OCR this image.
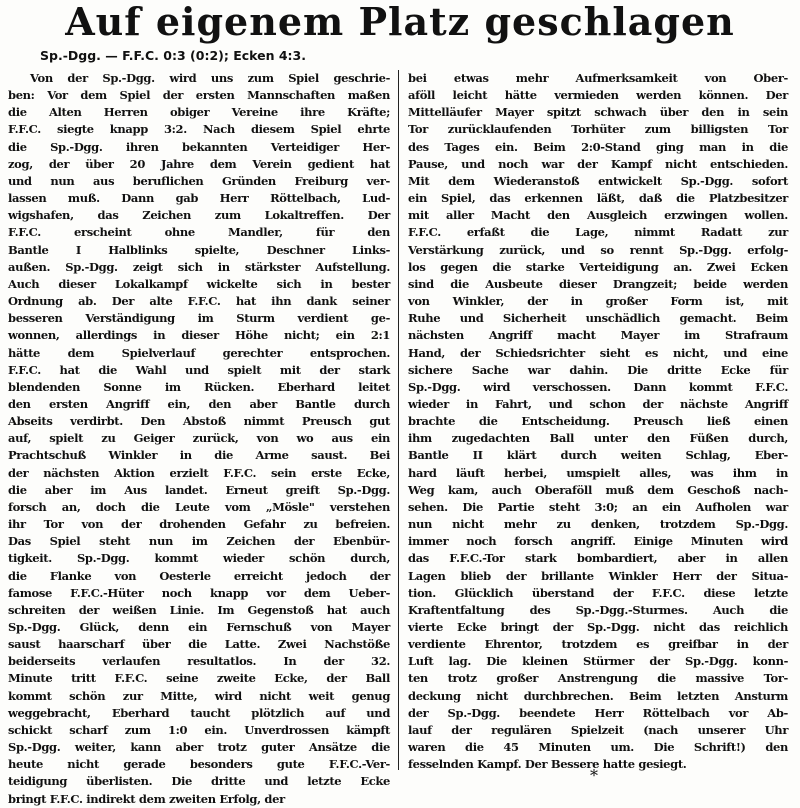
Auf eigenem Platz geschlagen
Sp.-Dgg. — F.F.C. 0:3 (0:2); Ecken 4:3.
Von der Sp.-Dgg. wird uns zum Spiel geschrie-
ben: Vor dem Spiel der ersten Mannschaften maßen
die Alten Herren obiger Vereine ihre Kräfte;
F.F.C. siegte knapp 3:2. Nach diesem Spiel ehrte
die Sp.-Dgg. ihren bekannten Verteidiger Her-
zog, der über 20 Jahre dem Verein gedient hat
und nun aus beruflichen Gründen Freiburg ver-
lassen muß. Dann gab Herr Röttelbach, Lud-
wigshafen, das Zeichen zum Lokaltreffen. Der
F.F.C. erscheint ohne Mandler, für den
Bantle I Halblinks spielte, Deschner Links-
außen. Sp.-Dgg. zeigt sich in stärkster Aufstellung.
Auch dieser Lokalkampf wickelte sich in bester
Ordnung ab. Der alte F.F.C. hat ihn dank seiner
besseren Verständigung im Sturm verdient ge-
wonnen, allerdings in dieser Höhe nicht; ein 2:1
hätte dem Spielverlauf gerechter entsprochen.
F.F.C. hat die Wahl und spielt mit der stark
blendenden Sonne im Rücken. Eberhard leitet
den ersten Angriff ein, den aber Bantle durch
Abseits verdirbt. Den Abstoß nimmt Preusch gut
auf, spielt zu Geiger zurück, von wo aus ein
Prachtschuß Winkler in die Arme saust. Bei
der nächsten Aktion erzielt F.F.C. sein erste Ecke,
die aber im Aus landet. Erneut greift Sp.-Dgg.
forsch an, doch die Leute vom „Mösle" verstehen
ihr Tor von der drohenden Gefahr zu befreien.
Das Spiel steht nun im Zeichen der Ebenbür-
tigkeit. Sp.-Dgg. kommt wieder schön durch,
die Flanke von Oesterle erreicht jedoch der
famose F.F.C.-Hüter noch knapp vor dem Ueber-
schreiten der weißen Linie. Im Gegenstoß hat auch
Sp.-Dgg. Glück, denn ein Fernschuß von Mayer
saust haarscharf über die Latte. Zwei Nachstöße
beiderseits verlaufen resultatlos. In der 32.
Minute tritt F.F.C. seine zweite Ecke, der Ball
kommt schön zur Mitte, wird nicht weit genug
weggebracht, Eberhard taucht plötzlich auf und
schickt scharf zum 1:0 ein. Unverdrossen kämpft
Sp.-Dgg. weiter, kann aber trotz guter Ansätze die
heute nicht gerade besonders gute F.F.C.-Ver-
teidigung überlisten. Die dritte und letzte Ecke
bringt F.F.C. indirekt dem zweiten Erfolg, der
bei etwas mehr Aufmerksamkeit von Ober-
aföll leicht hätte vermieden werden können. Der
Mittelläufer Mayer spitzt schwach über den in sein
Tor zurücklaufenden Torhüter zum billigsten Tor
des Tages ein. Beim 2:0-Stand ging man in die
Pause, und noch war der Kampf nicht entschieden.
Mit dem Wiederanstoß entwickelt Sp.-Dgg. sofort
ein Spiel, das erkennen läßt, daß die Platzbesitzer
mit aller Macht den Ausgleich erzwingen wollen.
F.F.C. erfaßt die Lage, nimmt Radatt zur
Verstärkung zurück, und so rennt Sp.-Dgg. erfolg-
los gegen die starke Verteidigung an. Zwei Ecken
sind die Ausbeute dieser Drangzeit; beide werden
von Winkler, der in großer Form ist, mit
Ruhe und Sicherheit unschädlich gemacht. Beim
nächsten Angriff macht Mayer im Strafraum
Hand, der Schiedsrichter sieht es nicht, und eine
sichere Sache war dahin. Die dritte Ecke für
Sp.-Dgg. wird verschossen. Dann kommt F.F.C.
wieder in Fahrt, und schon der nächste Angriff
brachte die Entscheidung. Preusch ließ einen
ihm zugedachten Ball unter den Füßen durch,
Bantle II klärt durch weiten Schlag, Eber-
hard läuft herbei, umspielt alles, was ihm in
Weg kam, auch Oberaföll muß dem Geschoß nach-
sehen. Die Partie steht 3:0; an ein Aufholen war
nun nicht mehr zu denken, trotzdem Sp.-Dgg.
immer noch forsch angriff. Einige Minuten wird
das F.F.C.-Tor stark bombardiert, aber in allen
Lagen blieb der brillante Winkler Herr der Situa-
tion. Glücklich überstand der F.F.C. diese letzte
Kraftentfaltung des Sp.-Dgg.-Sturmes. Auch die
vierte Ecke bringt der Sp.-Dgg. nicht das reichlich
verdiente Ehrentor, trotzdem es greifbar in der
Luft lag. Die kleinen Stürmer der Sp.-Dgg. konn-
ten trotz großer Anstrengung die massive Tor-
deckung nicht durchbrechen. Beim letzten Ansturm
der Sp.-Dgg. beendete Herr Röttelbach vor Ab-
lauf der regulären Spielzeit (nach unserer Uhr
waren die 45 Minuten um. Die Schrift!) den
fesselnden Kampf. Der Bessere hatte gesiegt.
*
